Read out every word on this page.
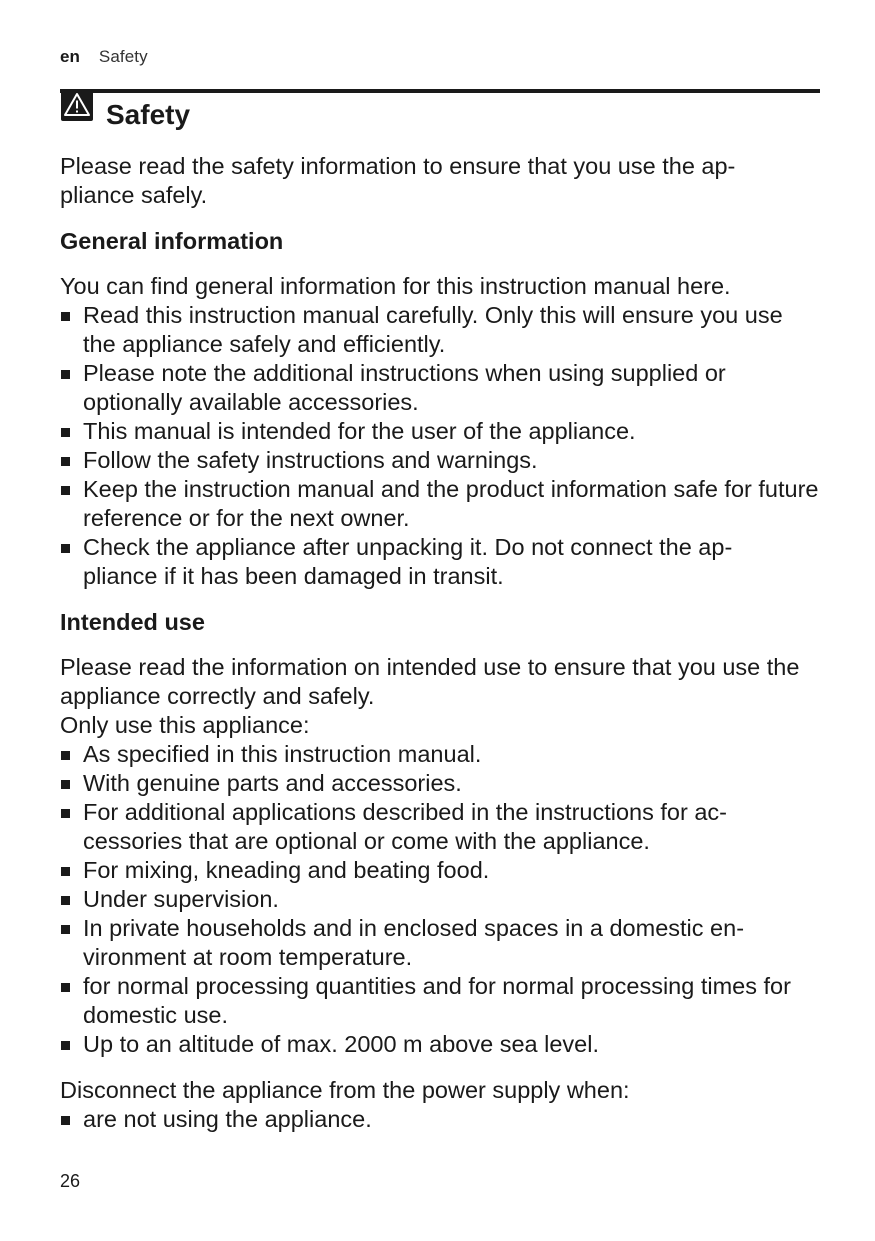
en Safety
Safety

Please read the safety information to ensure that you use the ap-
pliance safely.

General information

You can find general information for this instruction manual here.

Read this instruction manual carefully. Only this will ensure you use the appliance safely and efficiently.
Please note the additional instructions when using supplied or optionally available accessories.
This manual is intended for the user of the appliance.
Follow the safety instructions and warnings.
Keep the instruction manual and the product information safe for future reference or for the next owner.
Check the appliance after unpacking it. Do not connect the ap-
pliance if it has been damaged in transit.
Intended use

Please read the information on intended use to ensure that you use the appliance correctly and safely.

Only use this appliance:

As specified in this instruction manual.
With genuine parts and accessories.
For additional applications described in the instructions for ac-
cessories that are optional or come with the appliance.
For mixing, kneading and beating food.
Under supervision.
In private households and in enclosed spaces in a domestic en-
vironment at room temperature.
for normal processing quantities and for normal processing times for domestic use.
Up to an altitude of max. 2000 m above sea level.

Disconnect the appliance from the power supply when:

are not using the appliance.
26
